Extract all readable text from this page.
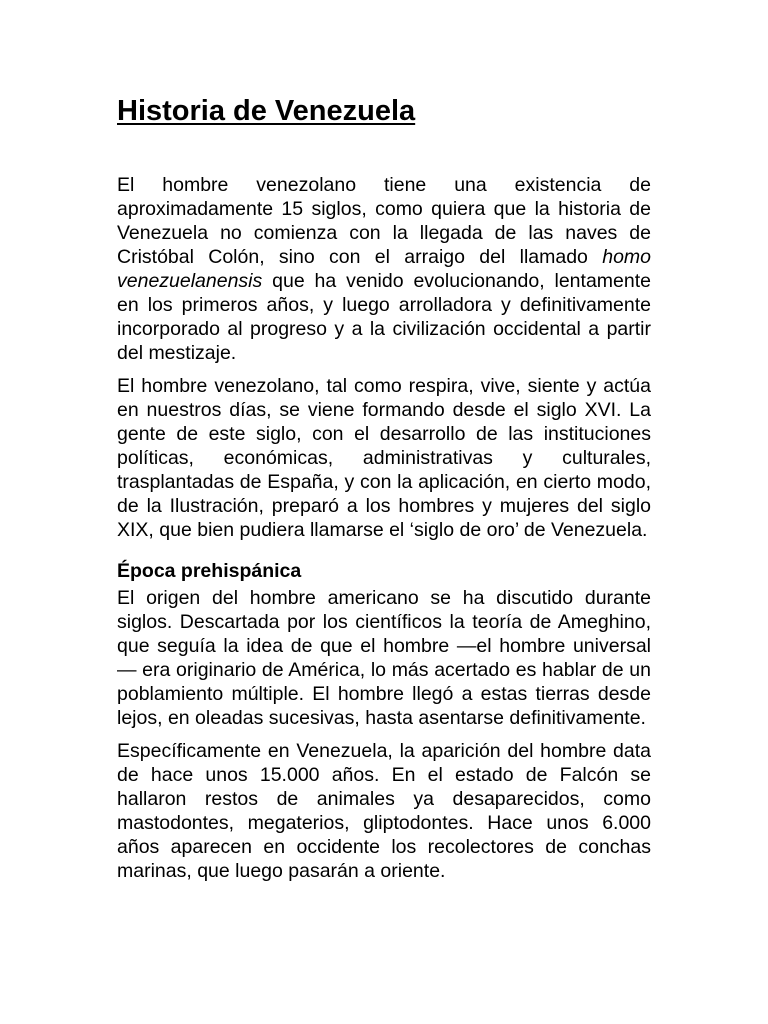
Historia de Venezuela

El hombre venezolano tiene una existencia de aproximadamente 15 siglos, como quiera que la historia de Venezuela no comienza con la llegada de las naves de Cristóbal Colón, sino con el arraigo del llamado homo venezuelanensis que ha venido evolucionando, lentamente en los primeros años, y luego arrolladora y definitivamente incorporado al progreso y a la civilización occidental a partir del mestizaje.

El hombre venezolano, tal como respira, vive, siente y actúa en nuestros días, se viene formando desde el siglo XVI. La gente de este siglo, con el desarrollo de las instituciones políticas, económicas, administrativas y culturales, trasplantadas de España, y con la aplicación, en cierto modo, de la Ilustración, preparó a los hombres y mujeres del siglo XIX, que bien pudiera llamarse el ‘siglo de oro’ de Venezuela.

Época prehispánica

El origen del hombre americano se ha discutido durante siglos. Descartada por los científicos la teoría de Ameghino, que seguía la idea de que el hombre —el hombre universal — era originario de América, lo más acertado es hablar de un poblamiento múltiple. El hombre llegó a estas tierras desde lejos, en oleadas sucesivas, hasta asentarse definitivamente.

Específicamente en Venezuela, la aparición del hombre data de hace unos 15.000 años. En el estado de Falcón se hallaron restos de animales ya desaparecidos, como mastodontes, megaterios, gliptodontes. Hace unos 6.000 años aparecen en occidente los recolectores de conchas marinas, que luego pasarán a oriente.
